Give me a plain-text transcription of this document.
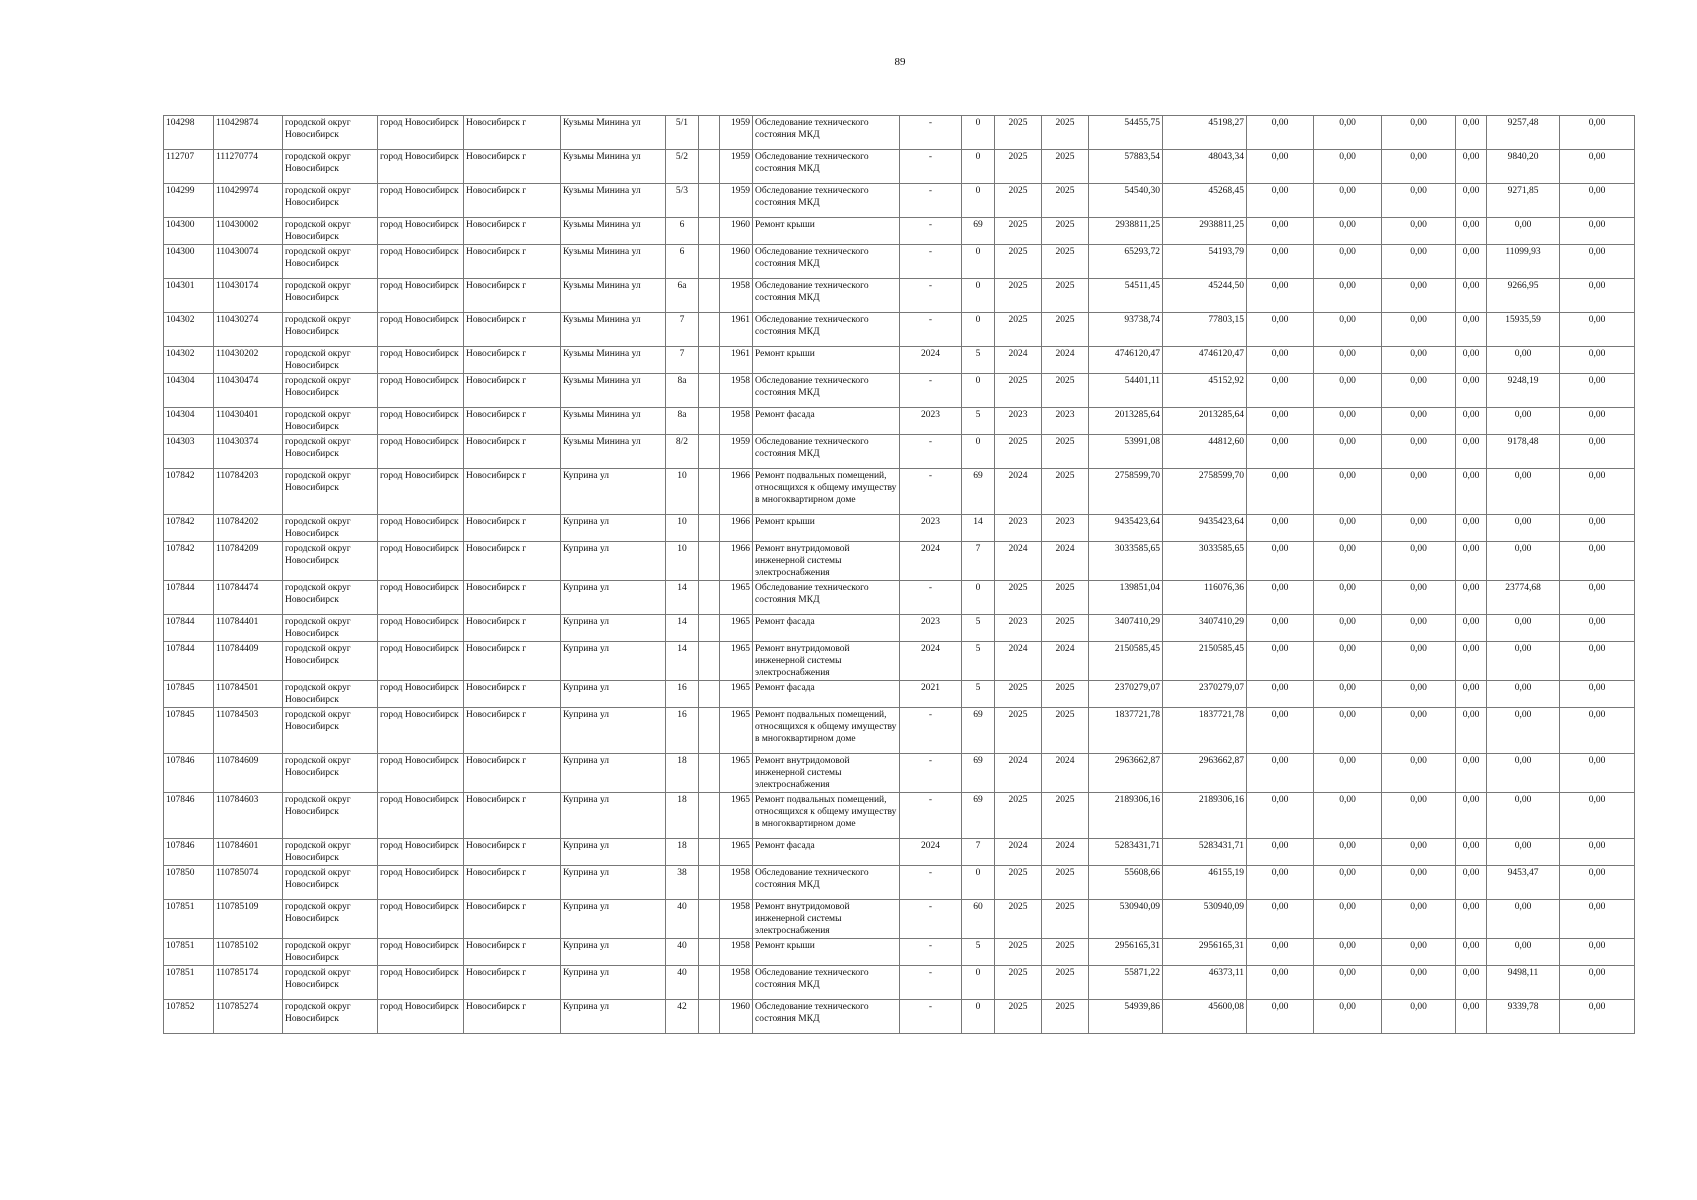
89
104298	110429874	городской округ Новосибирск	город Новосибирск	Новосибирск г	Кузьмы Минина ул	5/1		1959	Обследование технического состояния МКД	-	0	2025	2025	54455,75	45198,27	0,00	0,00	0,00	0,00	9257,48	0,00
112707	111270774	городской округ Новосибирск	город Новосибирск	Новосибирск г	Кузьмы Минина ул	5/2		1959	Обследование технического состояния МКД	-	0	2025	2025	57883,54	48043,34	0,00	0,00	0,00	0,00	9840,20	0,00
104299	110429974	городской округ Новосибирск	город Новосибирск	Новосибирск г	Кузьмы Минина ул	5/3		1959	Обследование технического состояния МКД	-	0	2025	2025	54540,30	45268,45	0,00	0,00	0,00	0,00	9271,85	0,00
104300	110430002	городской округ Новосибирск	город Новосибирск	Новосибирск г	Кузьмы Минина ул	6		1960	Ремонт крыши	-	69	2025	2025	2938811,25	2938811,25	0,00	0,00	0,00	0,00	0,00	0,00
104300	110430074	городской округ Новосибирск	город Новосибирск	Новосибирск г	Кузьмы Минина ул	6		1960	Обследование технического состояния МКД	-	0	2025	2025	65293,72	54193,79	0,00	0,00	0,00	0,00	11099,93	0,00
104301	110430174	городской округ Новосибирск	город Новосибирск	Новосибирск г	Кузьмы Минина ул	6а		1958	Обследование технического состояния МКД	-	0	2025	2025	54511,45	45244,50	0,00	0,00	0,00	0,00	9266,95	0,00
104302	110430274	городской округ Новосибирск	город Новосибирск	Новосибирск г	Кузьмы Минина ул	7		1961	Обследование технического состояния МКД	-	0	2025	2025	93738,74	77803,15	0,00	0,00	0,00	0,00	15935,59	0,00
104302	110430202	городской округ Новосибирск	город Новосибирск	Новосибирск г	Кузьмы Минина ул	7		1961	Ремонт крыши	2024	5	2024	2024	4746120,47	4746120,47	0,00	0,00	0,00	0,00	0,00	0,00
104304	110430474	городской округ Новосибирск	город Новосибирск	Новосибирск г	Кузьмы Минина ул	8а		1958	Обследование технического состояния МКД	-	0	2025	2025	54401,11	45152,92	0,00	0,00	0,00	0,00	9248,19	0,00
104304	110430401	городской округ Новосибирск	город Новосибирск	Новосибирск г	Кузьмы Минина ул	8а		1958	Ремонт фасада	2023	5	2023	2023	2013285,64	2013285,64	0,00	0,00	0,00	0,00	0,00	0,00
104303	110430374	городской округ Новосибирск	город Новосибирск	Новосибирск г	Кузьмы Минина ул	8/2		1959	Обследование технического состояния МКД	-	0	2025	2025	53991,08	44812,60	0,00	0,00	0,00	0,00	9178,48	0,00
107842	110784203	городской округ Новосибирск	город Новосибирск	Новосибирск г	Куприна ул	10		1966	Ремонт подвальных помещений, относящихся к общему имуществу в многоквартирном доме	-	69	2024	2025	2758599,70	2758599,70	0,00	0,00	0,00	0,00	0,00	0,00
107842	110784202	городской округ Новосибирск	город Новосибирск	Новосибирск г	Куприна ул	10		1966	Ремонт крыши	2023	14	2023	2023	9435423,64	9435423,64	0,00	0,00	0,00	0,00	0,00	0,00
107842	110784209	городской округ Новосибирск	город Новосибирск	Новосибирск г	Куприна ул	10		1966	Ремонт внутридомовой инженерной системы электроснабжения	2024	7	2024	2024	3033585,65	3033585,65	0,00	0,00	0,00	0,00	0,00	0,00
107844	110784474	городской округ Новосибирск	город Новосибирск	Новосибирск г	Куприна ул	14		1965	Обследование технического состояния МКД	-	0	2025	2025	139851,04	116076,36	0,00	0,00	0,00	0,00	23774,68	0,00
107844	110784401	городской округ Новосибирск	город Новосибирск	Новосибирск г	Куприна ул	14		1965	Ремонт фасада	2023	5	2023	2025	3407410,29	3407410,29	0,00	0,00	0,00	0,00	0,00	0,00
107844	110784409	городской округ Новосибирск	город Новосибирск	Новосибирск г	Куприна ул	14		1965	Ремонт внутридомовой инженерной системы электроснабжения	2024	5	2024	2024	2150585,45	2150585,45	0,00	0,00	0,00	0,00	0,00	0,00
107845	110784501	городской округ Новосибирск	город Новосибирск	Новосибирск г	Куприна ул	16		1965	Ремонт фасада	2021	5	2025	2025	2370279,07	2370279,07	0,00	0,00	0,00	0,00	0,00	0,00
107845	110784503	городской округ Новосибирск	город Новосибирск	Новосибирск г	Куприна ул	16		1965	Ремонт подвальных помещений, относящихся к общему имуществу в многоквартирном доме	-	69	2025	2025	1837721,78	1837721,78	0,00	0,00	0,00	0,00	0,00	0,00
107846	110784609	городской округ Новосибирск	город Новосибирск	Новосибирск г	Куприна ул	18		1965	Ремонт внутридомовой инженерной системы электроснабжения	-	69	2024	2024	2963662,87	2963662,87	0,00	0,00	0,00	0,00	0,00	0,00
107846	110784603	городской округ Новосибирск	город Новосибирск	Новосибирск г	Куприна ул	18		1965	Ремонт подвальных помещений, относящихся к общему имуществу в многоквартирном доме	-	69	2025	2025	2189306,16	2189306,16	0,00	0,00	0,00	0,00	0,00	0,00
107846	110784601	городской округ Новосибирск	город Новосибирск	Новосибирск г	Куприна ул	18		1965	Ремонт фасада	2024	7	2024	2024	5283431,71	5283431,71	0,00	0,00	0,00	0,00	0,00	0,00
107850	110785074	городской округ Новосибирск	город Новосибирск	Новосибирск г	Куприна ул	38		1958	Обследование технического состояния МКД	-	0	2025	2025	55608,66	46155,19	0,00	0,00	0,00	0,00	9453,47	0,00
107851	110785109	городской округ Новосибирск	город Новосибирск	Новосибирск г	Куприна ул	40		1958	Ремонт внутридомовой инженерной системы электроснабжения	-	60	2025	2025	530940,09	530940,09	0,00	0,00	0,00	0,00	0,00	0,00
107851	110785102	городской округ Новосибирск	город Новосибирск	Новосибирск г	Куприна ул	40		1958	Ремонт крыши	-	5	2025	2025	2956165,31	2956165,31	0,00	0,00	0,00	0,00	0,00	0,00
107851	110785174	городской округ Новосибирск	город Новосибирск	Новосибирск г	Куприна ул	40		1958	Обследование технического состояния МКД	-	0	2025	2025	55871,22	46373,11	0,00	0,00	0,00	0,00	9498,11	0,00
107852	110785274	городской округ Новосибирск	город Новосибирск	Новосибирск г	Куприна ул	42		1960	Обследование технического состояния МКД	-	0	2025	2025	54939,86	45600,08	0,00	0,00	0,00	0,00	9339,78	0,00
